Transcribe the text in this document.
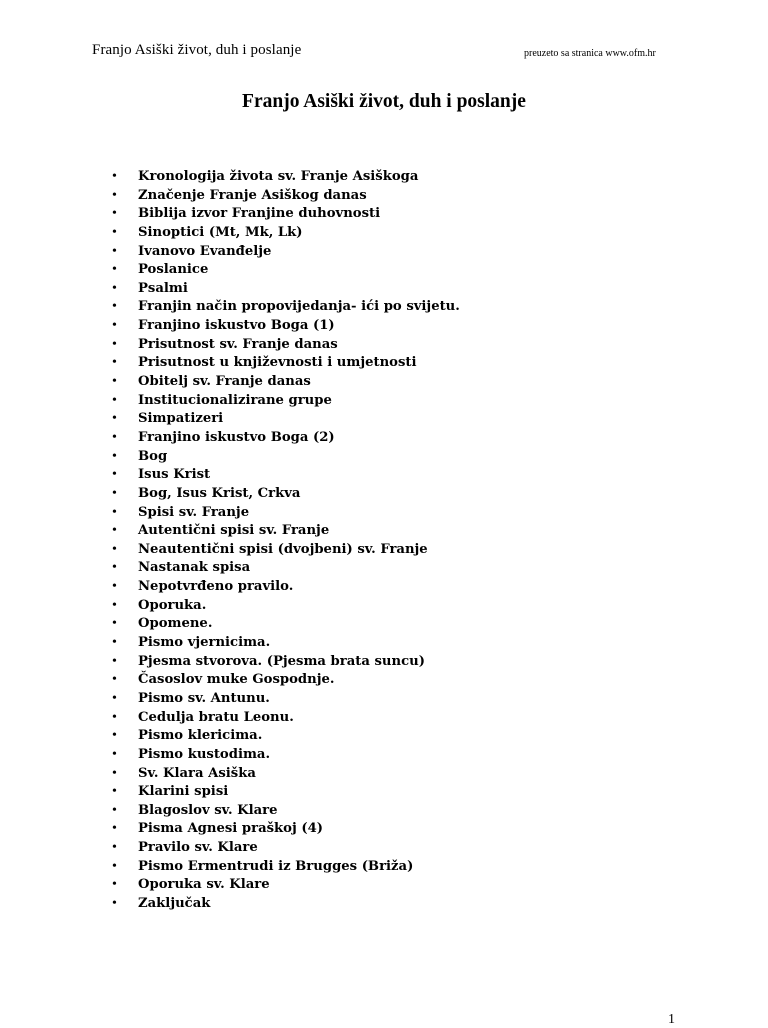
Franjo Asiški život, duh i poslanje	preuzeto sa stranica www.ofm.hr
Franjo Asiški život, duh i poslanje
• Kronologija života sv. Franje Asiškoga
• Značenje Franje Asiškog danas
• Biblija izvor Franjine duhovnosti
• Sinoptici (Mt, Mk, Lk)
• Ivanovo Evanđelje
• Poslanice
• Psalmi
• Franjin način propovijedanja- ići po svijetu.
• Franjino iskustvo Boga (1)
• Prisutnost sv. Franje danas
• Prisutnost u književnosti i umjetnosti
• Obitelj sv. Franje danas
• Institucionalizirane grupe
• Simpatizeri
• Franjino iskustvo Boga (2)
• Bog
• Isus Krist
• Bog, Isus Krist, Crkva
• Spisi sv. Franje
• Autentični spisi sv. Franje
• Neautentični spisi (dvojbeni) sv. Franje
• Nastanak spisa
• Nepotvrđeno pravilo.
• Oporuka.
• Opomene.
• Pismo vjernicima.
• Pjesma stvorova. (Pjesma brata suncu)
• Časoslov muke Gospodnje.
• Pismo sv. Antunu.
• Cedulja bratu Leonu.
• Pismo klericima.
• Pismo kustodima.
• Sv. Klara Asiška
• Klarini spisi
• Blagoslov sv. Klare
• Pisma Agnesi praškoj (4)
• Pravilo sv. Klare
• Pismo Ermentrudi iz Brugges (Briža)
• Oporuka sv. Klare
• Zaključak
1
